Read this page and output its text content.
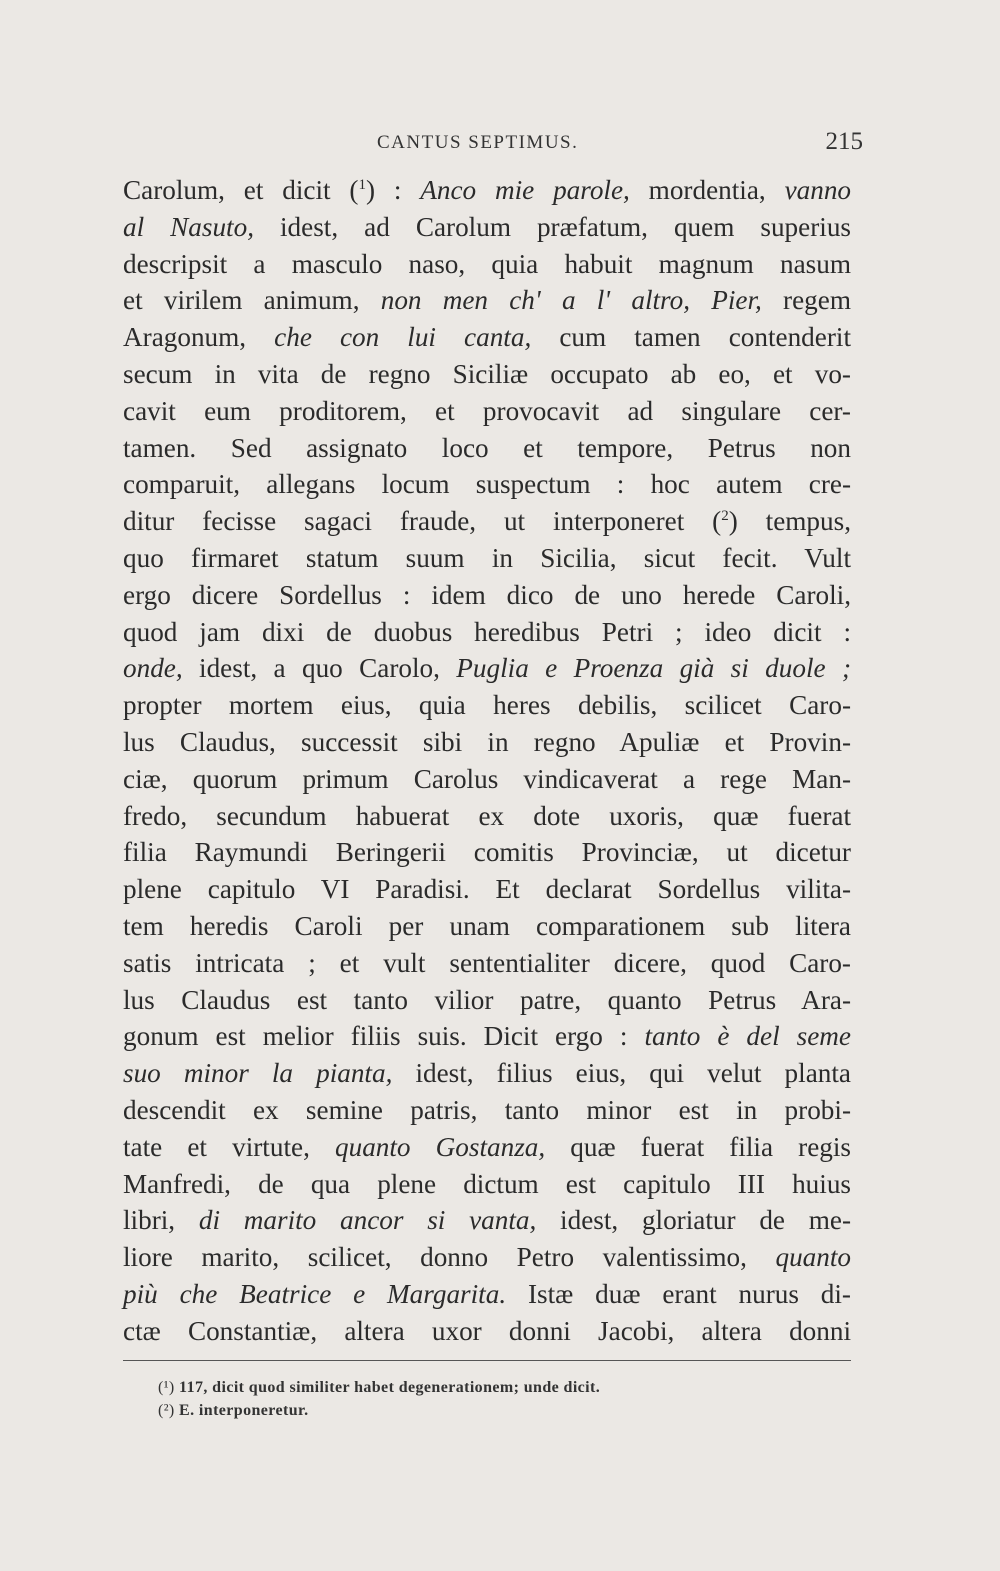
CANTUS SEPTIMUS.	215
Carolum, et dicit ($^1$) : Anco mie parole, mordentia, vanno
al Nasuto, idest, ad Carolum præfatum, quem superius
descripsit a masculo naso, quia habuit magnum nasum
et virilem animum, non men ch' a l' altro, Pier, regem
Aragonum, che con lui canta, cum tamen contenderit
secum in vita de regno Siciliæ occupato ab eo, et vo-
cavit eum proditorem, et provocavit ad singulare cer-
tamen. Sed assignato loco et tempore, Petrus non
comparuit, allegans locum suspectum : hoc autem cre-
ditur fecisse sagaci fraude, ut interponeret ($^2$) tempus,
quo firmaret statum suum in Sicilia, sicut fecit. Vult
ergo dicere Sordellus : idem dico de uno herede Caroli,
quod jam dixi de duobus heredibus Petri ; ideo dicit :
onde, idest, a quo Carolo, Puglia e Proenza già si duole ;
propter mortem eius, quia heres debilis, scilicet Caro-
lus Claudus, successit sibi in regno Apuliæ et Provin-
ciæ, quorum primum Carolus vindicaverat a rege Man-
fredo, secundum habuerat ex dote uxoris, quæ fuerat
filia Raymundi Beringerii comitis Provinciæ, ut dicetur
plene capitulo VI Paradisi. Et declarat Sordellus vilita-
tem heredis Caroli per unam comparationem sub litera
satis intricata ; et vult sententialiter dicere, quod Caro-
lus Claudus est tanto vilior patre, quanto Petrus Ara-
gonum est melior filiis suis. Dicit ergo : tanto è del seme
suo minor la pianta, idest, filius eius, qui velut planta
descendit ex semine patris, tanto minor est in probi-
tate et virtute, quanto Gostanza, quæ fuerat filia regis
Manfredi, de qua plene dictum est capitulo III huius
libri, di marito ancor si vanta, idest, gloriatur de me-
liore marito, scilicet, donno Petro valentissimo, quanto
più che Beatrice e Margarita. Istæ duæ erant nurus di-
ctæ Constantiæ, altera uxor donni Jacobi, altera donni
(¹) 117, dicit quod similiter habet degenerationem; unde dicit.
(²) E. interponeretur.
